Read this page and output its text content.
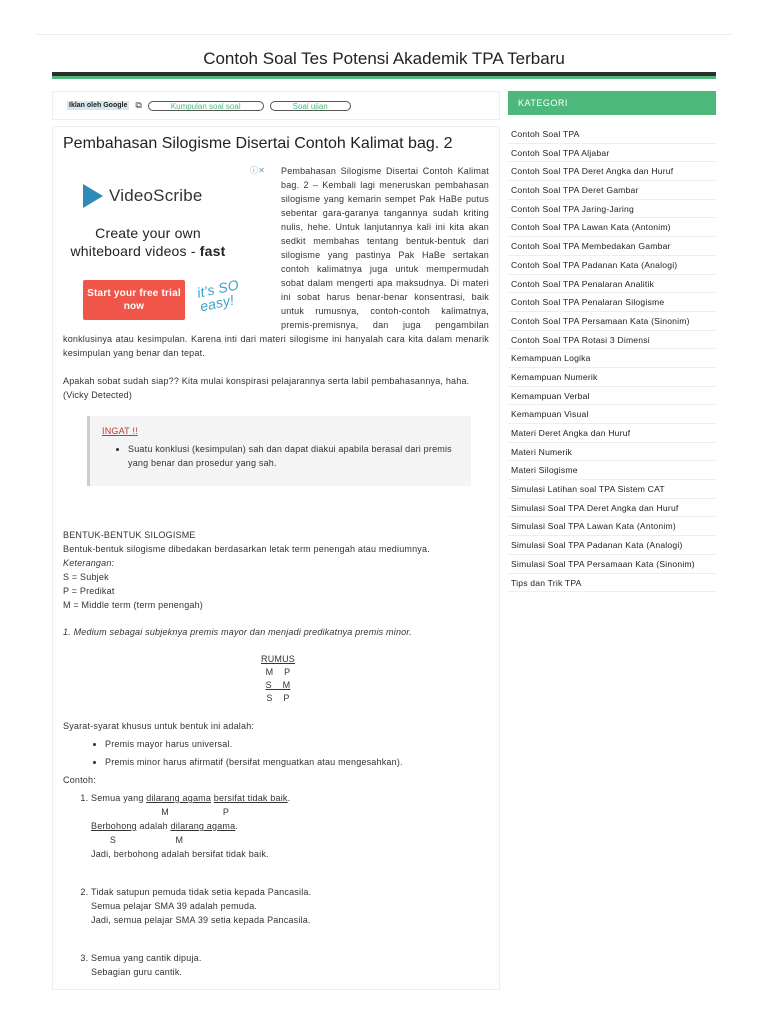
Contoh Soal Tes Potensi Akademik TPA Terbaru
Iklan oleh Google ⧉	Kumpulan soal soal	Soal ujian
Pembahasan Silogisme Disertai Contoh Kalimat bag. 2
ⓘ✕
VideoScribe
Create your own
whiteboard videos - fast
Start your free trial now
it's SO easy!

Pembahasan Silogisme Disertai Contoh Kalimat bag. 2 – Kembali lagi meneruskan pembahasan silogisme yang kemarin sempet Pak HaBe putus sebentar gara-garanya tangannya sudah kriting nulis, hehe. Untuk lanjutannya kali ini kita akan sedkit membahas tentang bentuk-bentuk dari silogisme yang pastinya Pak HaBe sertakan contoh kalimatnya juga untuk mempermudah sobat dalam mengerti apa maksudnya. Di materi ini sobat harus benar-benar konsentrasi, baik untuk rumusnya, contoh-contoh kalimatnya, premis-premisnya, dan juga pengambilan konklusinya atau kesimpulan. Karena inti dari materi silogisme ini hanyalah cara kita dalam menarik kesimpulan yang benar dan tepat.

Apakah sobat sudah siap?? Kita mulai konspirasi pelajarannya serta labil pembahasannya, haha. (Vicky Detected)

INGAT !!
• Suatu konklusi (kesimpulan) sah dan dapat diakui apabila berasal dari premis yang benar dan prosedur yang sah.
BENTUK-BENTUK SILOGISME
Bentuk-bentuk silogisme dibedakan berdasarkan letak term penengah atau mediumnya.
Keterangan:
S = Subjek
P = Predikat
M = Middle term (term penengah)

1. Medium sebagai subjeknya premis mayor dan menjadi predikatnya premis minor.

RUMUS
M    P
S    M
S    P
Syarat-syarat khusus untuk bentuk ini adalah:
• Premis mayor harus universal.
• Premis minor harus afirmatif (bersifat menguatkan atau mengesahkan).
Contoh:
1. Semua yang dilarang agama bersifat tidak baik.
M                    P
Berbohong adalah dilarang agama.
S                      M
Jadi, berbohong adalah bersifat tidak baik.
2. Tidak satupun pemuda tidak setia kepada Pancasila.
Semua pelajar SMA 39 adalah pemuda.
Jadi, semua pelajar SMA 39 setia kepada Pancasila.
3. Semua yang cantik dipuja.
Sebagian guru cantik.
KATEGORI
Contoh Soal TPA
Contoh Soal TPA Aljabar
Contoh Soal TPA Deret Angka dan Huruf
Contoh Soal TPA Deret Gambar
Contoh Soal TPA Jaring-Jaring
Contoh Soal TPA Lawan Kata (Antonim)
Contoh Soal TPA Membedakan Gambar
Contoh Soal TPA Padanan Kata (Analogi)
Contoh Soal TPA Penalaran Analitik
Contoh Soal TPA Penalaran Silogisme
Contoh Soal TPA Persamaan Kata (Sinonim)
Contoh Soal TPA Rotasi 3 Dimensi
Kemampuan Logika
Kemampuan Numerik
Kemampuan Verbal
Kemampuan Visual
Materi Deret Angka dan Huruf
Materi Numerik
Materi Silogisme
Simulasi Latihan soal TPA Sistem CAT
Simulasi Soal TPA Deret Angka dan Huruf
Simulasi Soal TPA Lawan Kata (Antonim)
Simulasi Soal TPA Padanan Kata (Analogi)
Simulasi Soal TPA Persamaan Kata (Sinonim)
Tips dan Trik TPA
